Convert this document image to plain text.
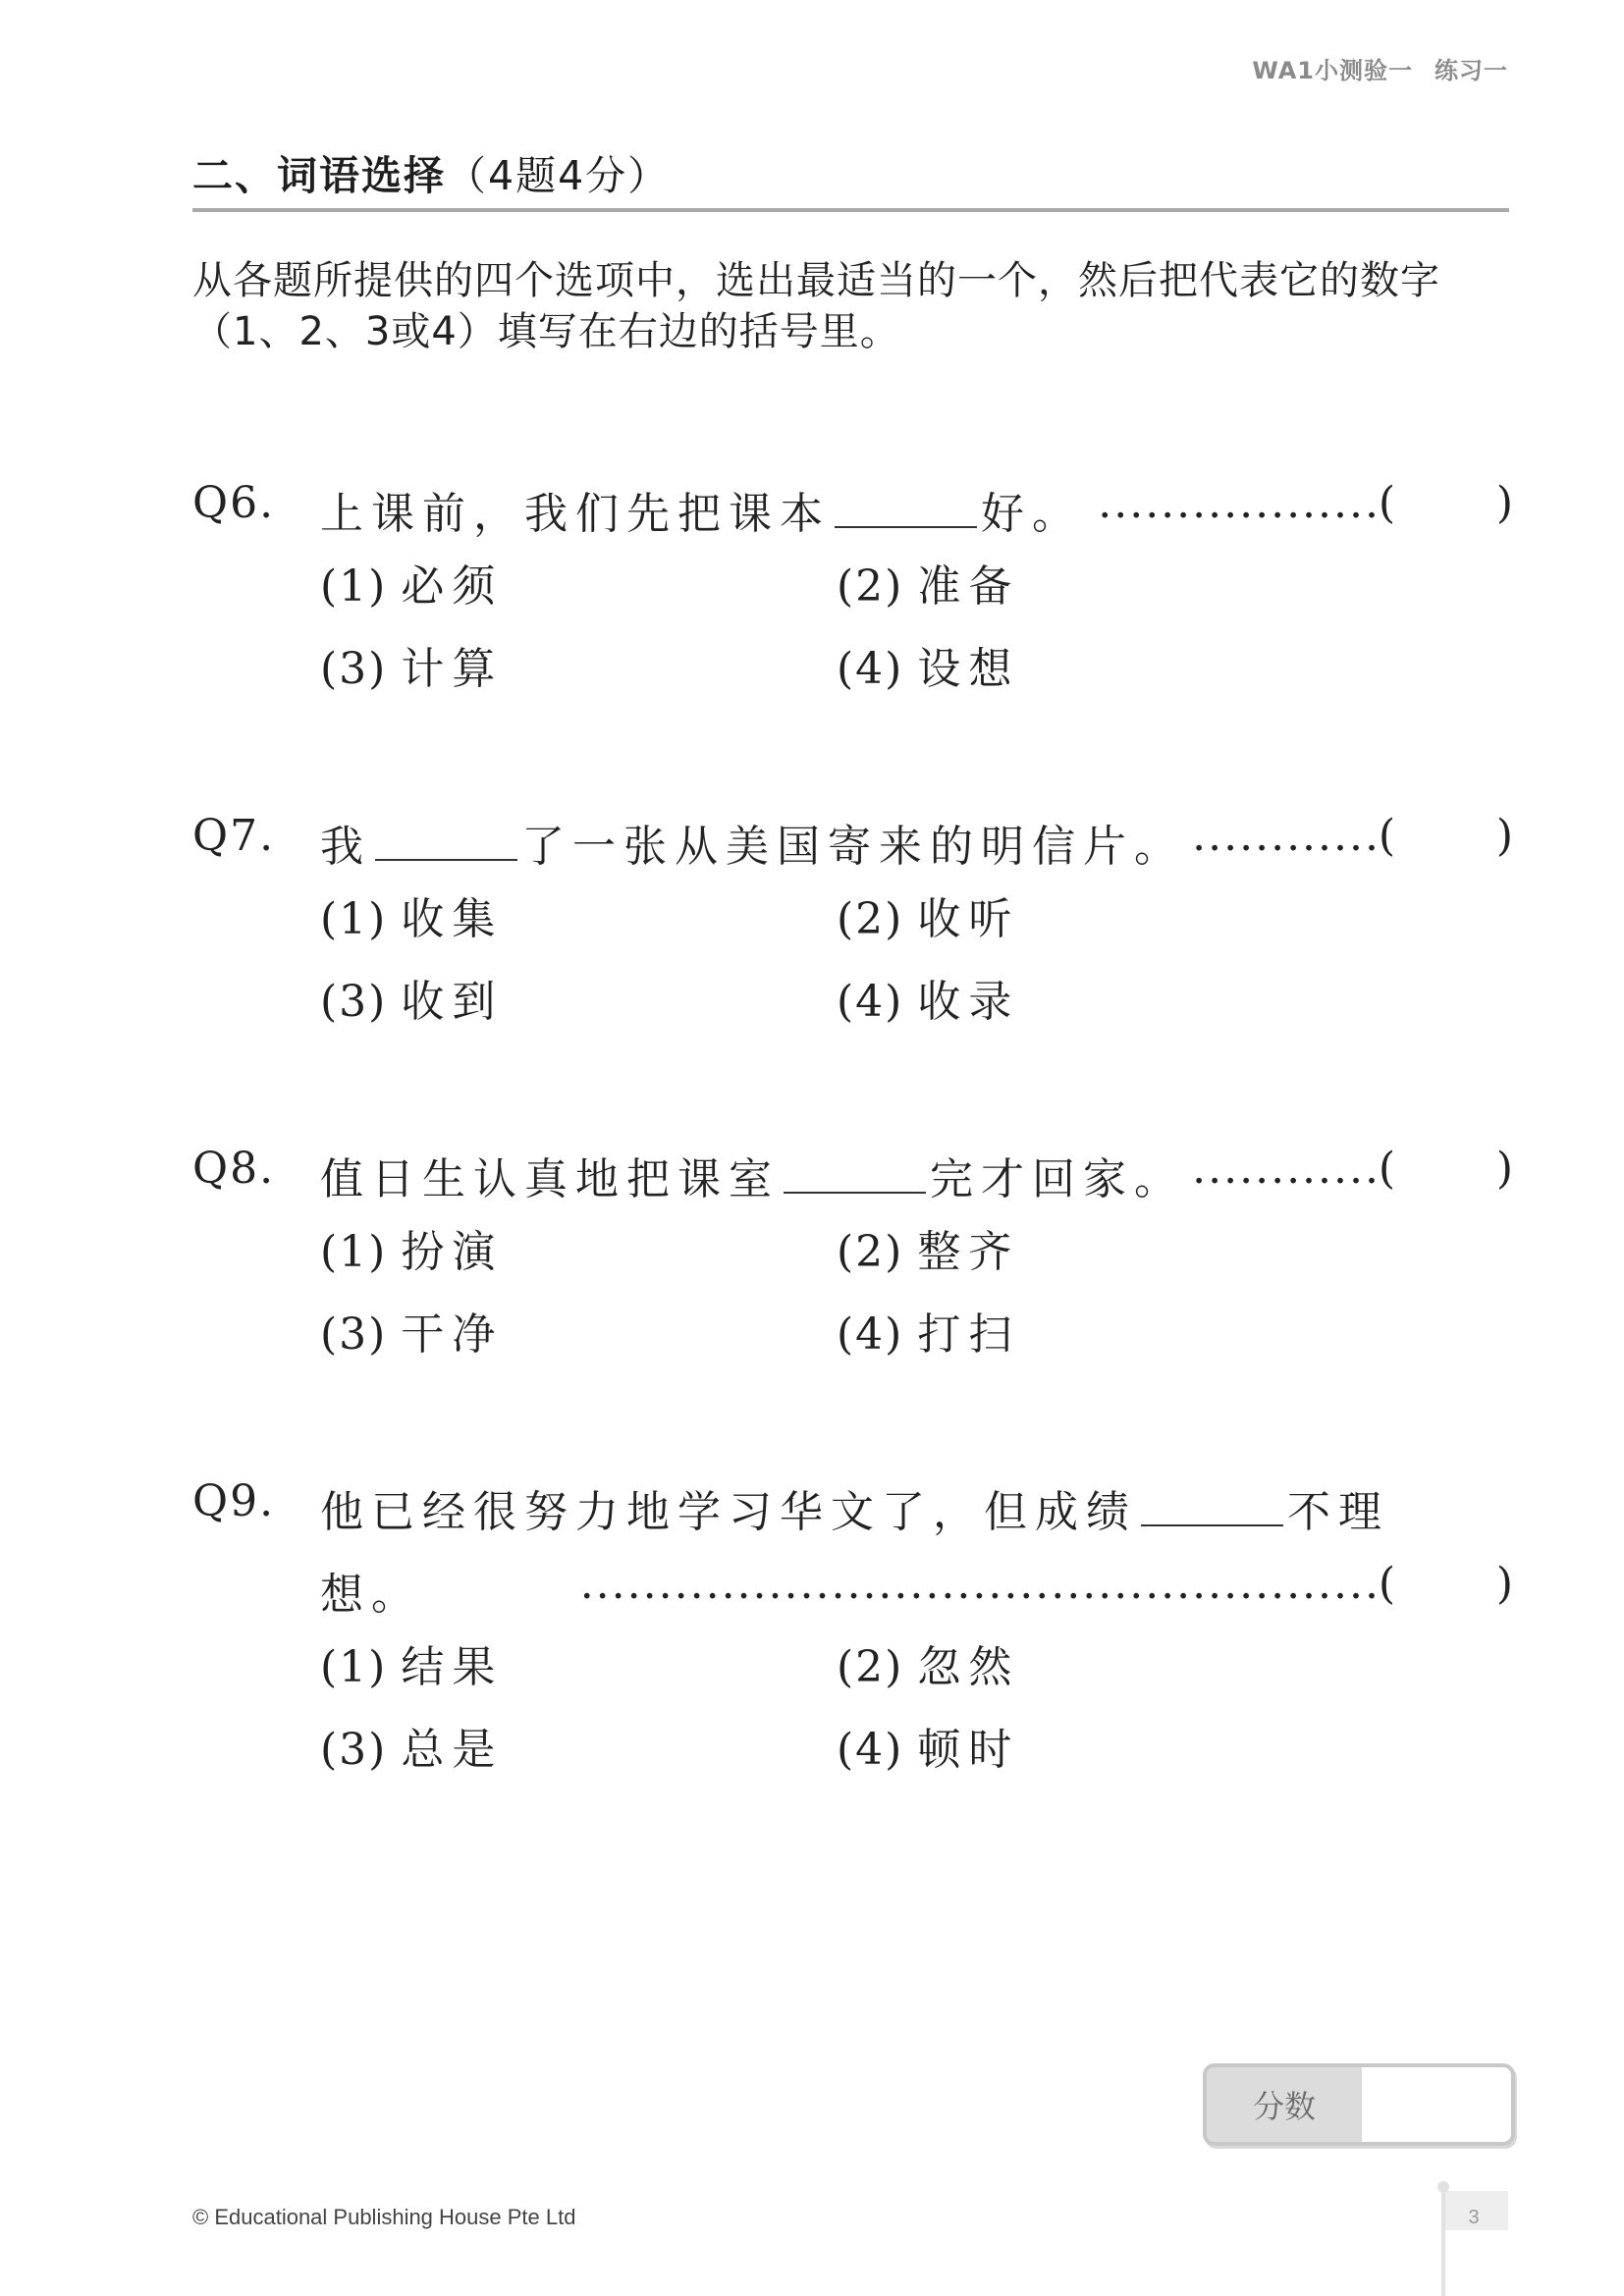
WA1小测验一 练习一
二、词语选择（4题4分）
从各题所提供的四个选项中，选出最适当的一个，然后把代表它的数字（1、2、3或4）填写在右边的括号里。
Q6. 上课前，我们先把课本	好。 ..................
( )
(1) 必须	(2) 准备
(3) 计算	(4) 设想
Q7. 我	了一张从美国寄来的明信片。 ............
( )
(1) 收集	(2) 收听
(3) 收到	(4) 收录
Q8. 值日生认真地把课室	完才回家。 ............
( )
(1) 扮演	(2) 整齐
(3) 干净	(4) 打扫
Q9. 他已经很努力地学习华文了，但成绩	不理
想。	...................................................
( )
(1) 结果	(2) 忽然
(3) 总是	(4) 顿时
分数
© Educational Publishing House Pte Ltd	3
